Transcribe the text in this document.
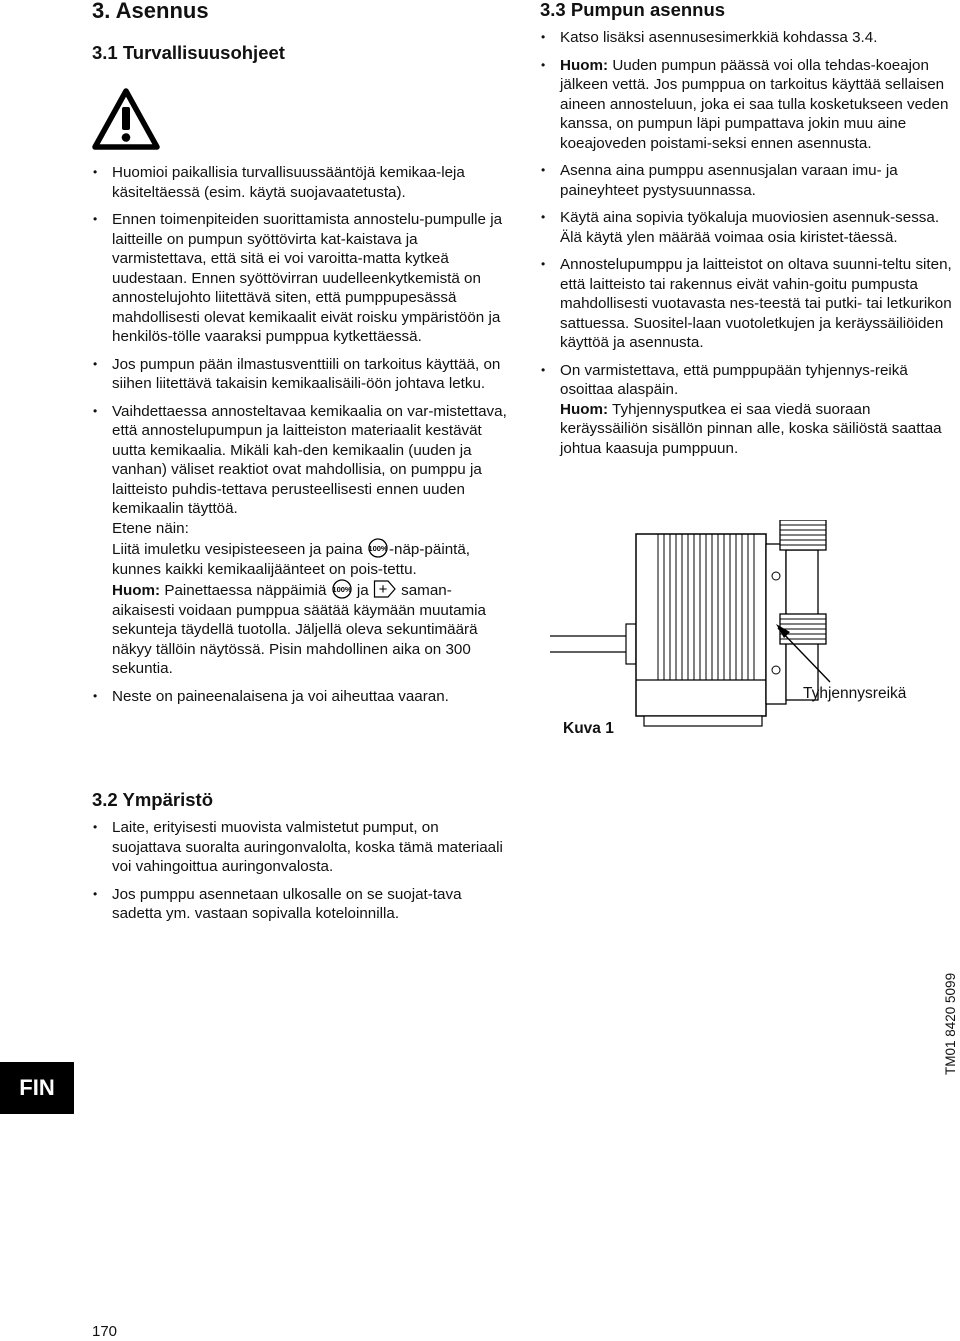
3. Asennus
3.1 Turvallisuusohjeet
• Huomioi paikallisia turvallisuussääntöjä kemikaa-leja käsiteltäessä (esim. käytä suojavaatetusta).
• Ennen toimenpiteiden suorittamista annostelu-pumpulle ja laitteille on pumpun syöttövirta kat-kaistava ja varmistettava, että sitä ei voi varoitta-matta kytkeä uudestaan. Ennen syöttövirran uudelleenkytkemistä on annostelujohto liitettävä siten, että pumppupesässä mahdollisesti olevat kemikaalit eivät roisku ympäristöön ja henkilös-tölle vaaraksi pumppua kytkettäessä.
• Jos pumpun pään ilmastusventtiili on tarkoitus käyttää, on siihen liitettävä takaisin kemikaalisäili-öön johtava letku.
• Vaihdettaessa annosteltavaa kemikaalia on var-mistettava, että annostelupumpun ja laitteiston materiaalit kestävät uutta kemikaalia. Mikäli kah-den kemikaalin (uuden ja vanhan) väliset reaktiot ovat mahdollisia, on pumppu ja laitteisto puhdis-tettava perusteellisesti ennen uuden kemikaalin täyttöä.
Etene näin:
Liitä imuletku vesipisteeseen ja paina 100% -näp-päintä, kunnes kaikki kemikaalijäänteet on pois-tettu.
Huom: Painettaessa näppäimiä 100% ja + saman-aikaisesti voidaan pumppua säätää käymään muutamia sekunteja täydellä tuotolla. Jäljellä oleva sekuntimäärä näkyy tällöin näytössä. Pisin mahdollinen aika on 300 sekuntia.
• Neste on paineenalaisena ja voi aiheuttaa vaaran.
3.2 Ympäristö
• Laite, erityisesti muovista valmistetut pumput, on suojattava suoralta auringonvalolta, koska tämä materiaali voi vahingoittua auringonvalosta.
• Jos pumppu asennetaan ulkosalle on se suojat-tava sadetta ym. vastaan sopivalla koteloinnilla.
3.3 Pumpun asennus
• Katso lisäksi asennusesimerkkiä kohdassa 3.4.
• Huom: Uuden pumpun päässä voi olla tehdas-koeajon jälkeen vettä. Jos pumppua on tarkoitus käyttää sellaisen aineen annosteluun, joka ei saa tulla kosketukseen veden kanssa, on pumpun läpi pumpattava jokin muu aine koeajoveden poistami-seksi ennen asennusta.
• Asenna aina pumppu asennusjalan varaan imu- ja paineyhteet pystysuunnassa.
• Käytä aina sopivia työkaluja muoviosien asennuk-sessa. Älä käytä ylen määrää voimaa osia kiristet-täessä.
• Annostelupumppu ja laitteistot on oltava suunni-teltu siten, että laitteisto tai rakennus eivät vahin-goitu pumpusta mahdollisesti vuotavasta nes-teestä tai putki- tai letkurikon sattuessa. Suositel-laan vuotoletkujen ja keräyssäiliöiden käyttöä ja asennusta.
• On varmistettava, että pumppupään tyhjennys-reikä osoittaa alaspäin.
Huom: Tyhjennysputkea ei saa viedä suoraan keräyssäiliön sisällön pinnan alle, koska säiliöstä saattaa johtua kaasuja pumppuun.
Kuva 1
Tyhjennysreikä
TM01 8420 5099
FIN
170
